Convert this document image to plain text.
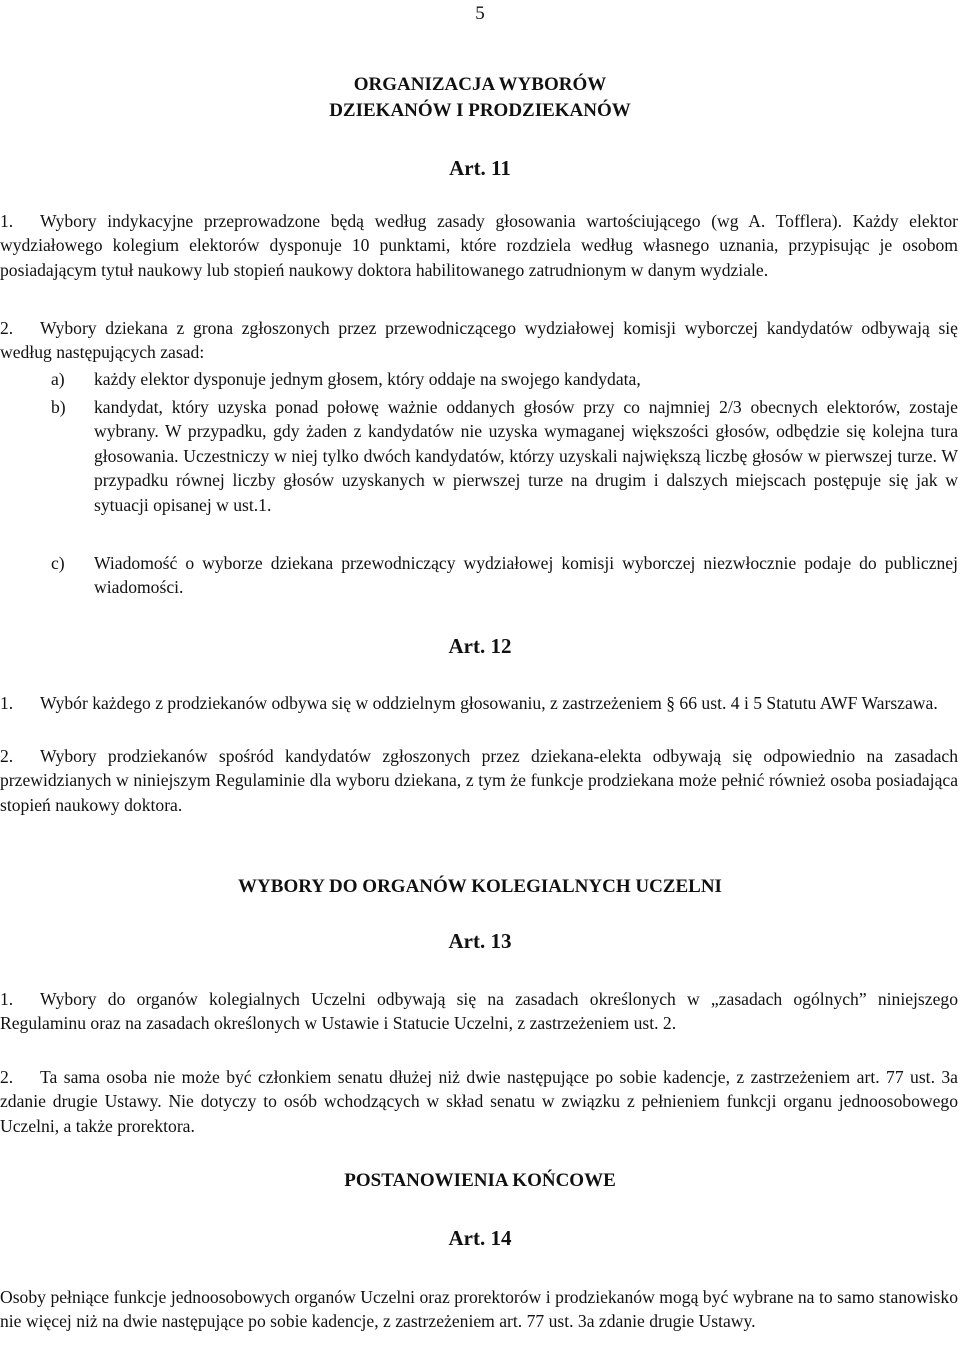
5
ORGANIZACJA WYBORÓW
DZIEKANÓW I PRODZIEKANÓW
Art. 11
1. Wybory indykacyjne przeprowadzone będą według zasady głosowania wartościującego (wg A. Tofflera). Każdy elektor wydziałowego kolegium elektorów dysponuje 10 punktami, które rozdziela według własnego uznania, przypisując je osobom posiadającym tytuł naukowy lub stopień naukowy doktora habilitowanego zatrudnionym w danym wydziale.
2. Wybory dziekana z grona zgłoszonych przez przewodniczącego wydziałowej komisji wyborczej kandydatów odbywają się według następujących zasad:
a) każdy elektor dysponuje jednym głosem, który oddaje na swojego kandydata,
b) kandydat, który uzyska ponad połowę ważnie oddanych głosów przy co najmniej 2/3 obecnych elektorów, zostaje wybrany. W przypadku, gdy żaden z kandydatów nie uzyska wymaganej większości głosów, odbędzie się kolejna tura głosowania. Uczestniczy w niej tylko dwóch kandydatów, którzy uzyskali największą liczbę głosów w pierwszej turze. W przypadku równej liczby głosów uzyskanych w pierwszej turze na drugim i dalszych miejscach postępuje się jak w sytuacji opisanej w ust.1.
c) Wiadomość o wyborze dziekana przewodniczący wydziałowej komisji wyborczej niezwłocznie podaje do publicznej wiadomości.
Art. 12
1. Wybór każdego z prodziekanów odbywa się w oddzielnym głosowaniu, z zastrzeżeniem § 66 ust. 4 i 5 Statutu AWF Warszawa.
2. Wybory prodziekanów spośród kandydatów zgłoszonych przez dziekana-elekta odbywają się odpowiednio na zasadach przewidzianych w niniejszym Regulaminie dla wyboru dziekana, z tym że funkcje prodziekana może pełnić również osoba posiadająca stopień naukowy doktora.
WYBORY DO ORGANÓW KOLEGIALNYCH UCZELNI
Art. 13
1. Wybory do organów kolegialnych Uczelni odbywają się na zasadach określonych w „zasadach ogólnych” niniejszego Regulaminu oraz na zasadach określonych w Ustawie i Statucie Uczelni, z zastrzeżeniem ust. 2.
2. Ta sama osoba nie może być członkiem senatu dłużej niż dwie następujące po sobie kadencje, z zastrzeżeniem art. 77 ust. 3a zdanie drugie Ustawy. Nie dotyczy to osób wchodzących w skład senatu w związku z pełnieniem funkcji organu jednoosobowego Uczelni, a także prorektora.
POSTANOWIENIA KOŃCOWE
Art. 14
Osoby pełniące funkcje jednoosobowych organów Uczelni oraz prorektorów i prodziekanów mogą być wybrane na to samo stanowisko nie więcej niż na dwie następujące po sobie kadencje, z zastrzeżeniem art. 77 ust. 3a zdanie drugie Ustawy.
